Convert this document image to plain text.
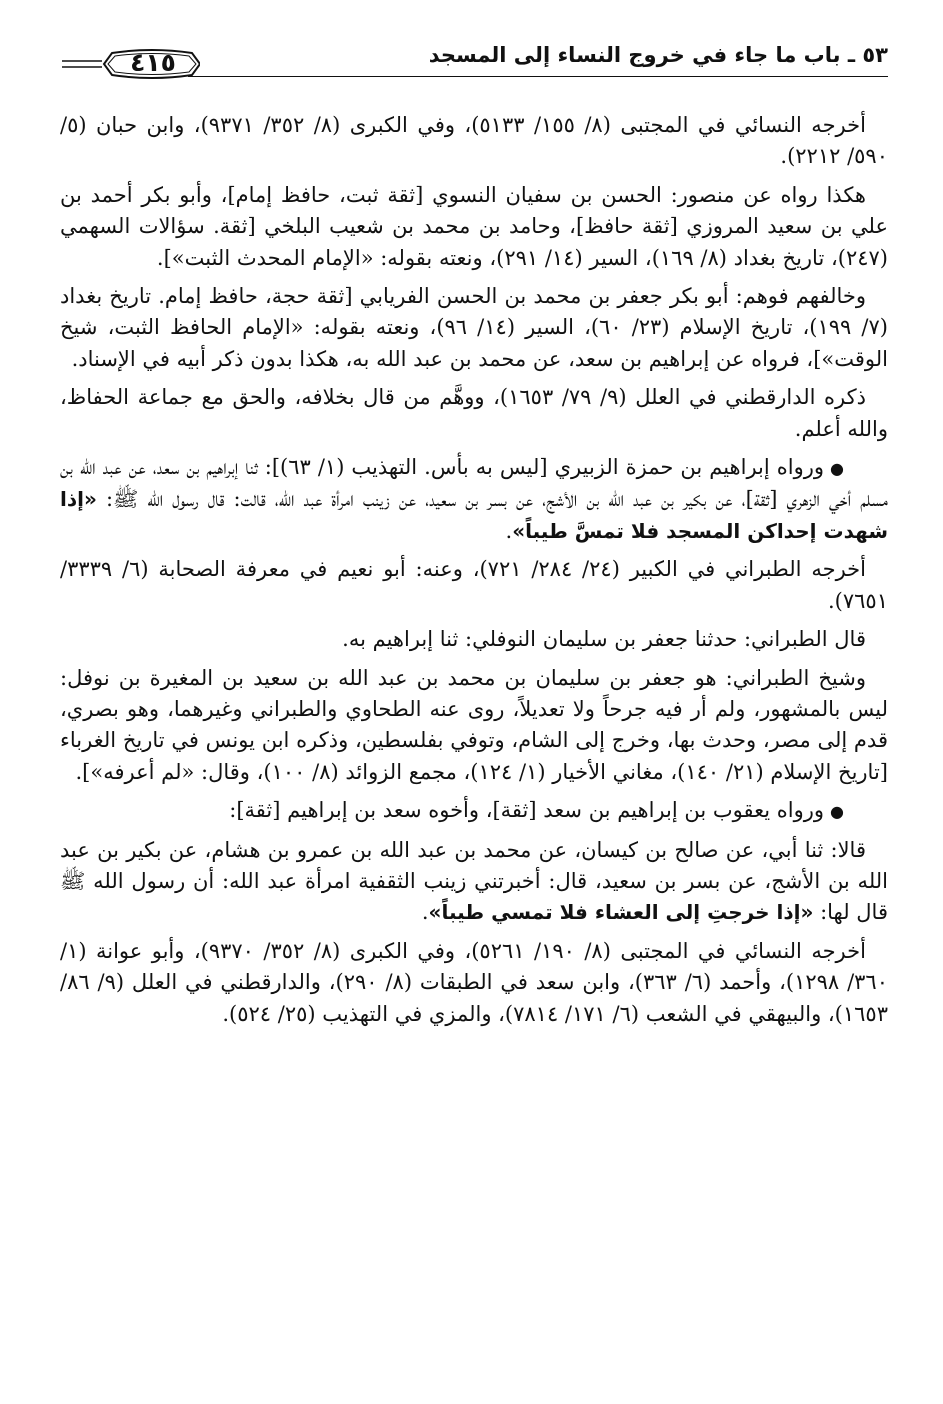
٥٣ ـ باب ما جاء في خروج النساء إلى المسجد
٤١٥

أخرجه النسائي في المجتبى (٨/ ١٥٥/ ٥١٣٣)، وفي الكبرى (٨/ ٣٥٢/ ٩٣٧١)، وابن حبان (٥/ ٥٩٠/ ٢٢١٢).

هكذا رواه عن منصور: الحسن بن سفيان النسوي [ثقة ثبت، حافظ إمام]، وأبو بكر أحمد بن علي بن سعيد المروزي [ثقة حافظ]، وحامد بن محمد بن شعيب البلخي [ثقة. سؤالات السهمي (٢٤٧)، تاريخ بغداد (٨/ ١٦٩)، السير (١٤/ ٢٩١)، ونعته بقوله: «الإمام المحدث الثبت»].

وخالفهم فوهم: أبو بكر جعفر بن محمد بن الحسن الفريابي [ثقة حجة، حافظ إمام. تاريخ بغداد (٧/ ١٩٩)، تاريخ الإسلام (٢٣/ ٦٠)، السير (١٤/ ٩٦)، ونعته بقوله: «الإمام الحافظ الثبت، شيخ الوقت»]، فرواه عن إبراهيم بن سعد، عن محمد بن عبد الله به، هكذا بدون ذكر أبيه في الإسناد.

ذكره الدارقطني في العلل (٩/ ٧٩/ ١٦٥٣)، ووهَّم من قال بخلافه، والحق مع جماعة الحفاظ، والله أعلم.

●ورواه إبراهيم بن حمزة الزبيري [ليس به بأس. التهذيب (١/ ٦٣)]: ثنا إبراهيم بن سعد، عن عبد الله بن مسلم أخي الزهري [ثقة]، عن بكير بن عبد الله بن الأشج، عن بسر بن سعيد، عن زينب امرأة عبد الله، قالت: قال رسول الله ﷺ: «إذا شهدت إحداكن المسجد فلا تمسَّ طيباً».

أخرجه الطبراني في الكبير (٢٤/ ٢٨٤/ ٧٢١)، وعنه: أبو نعيم في معرفة الصحابة (٦/ ٣٣٣٩/ ٧٦٥١).

قال الطبراني: حدثنا جعفر بن سليمان النوفلي: ثنا إبراهيم به.

وشيخ الطبراني: هو جعفر بن سليمان بن محمد بن عبد الله بن سعيد بن المغيرة بن نوفل: ليس بالمشهور، ولم أر فيه جرحاً ولا تعديلاً، روى عنه الطحاوي والطبراني وغيرهما، وهو بصري، قدم إلى مصر، وحدث بها، وخرج إلى الشام، وتوفي بفلسطين، وذكره ابن يونس في تاريخ الغرباء [تاريخ الإسلام (٢١/ ١٤٠)، مغاني الأخيار (١/ ١٢٤)، مجمع الزوائد (٨/ ١٠٠)، وقال: «لم أعرفه»].

●ورواه يعقوب بن إبراهيم بن سعد [ثقة]، وأخوه سعد بن إبراهيم [ثقة]:

قالا: ثنا أبي، عن صالح بن كيسان، عن محمد بن عبد الله بن عمرو بن هشام، عن بكير بن عبد الله بن الأشج، عن بسر بن سعيد، قال: أخبرتني زينب الثقفية امرأة عبد الله: أن رسول الله ﷺ قال لها: «إذا خرجتِ إلى العشاء فلا تمسي طيباً».

أخرجه النسائي في المجتبى (٨/ ١٩٠/ ٥٢٦١)، وفي الكبرى (٨/ ٣٥٢/ ٩٣٧٠)، وأبو عوانة (١/ ٣٦٠/ ١٢٩٨)، وأحمد (٦/ ٣٦٣)، وابن سعد في الطبقات (٨/ ٢٩٠)، والدارقطني في العلل (٩/ ٨٦/ ١٦٥٣)، والبيهقي في الشعب (٦/ ١٧١/ ٧٨١٤)، والمزي في التهذيب (٢٥/ ٥٢٤).
